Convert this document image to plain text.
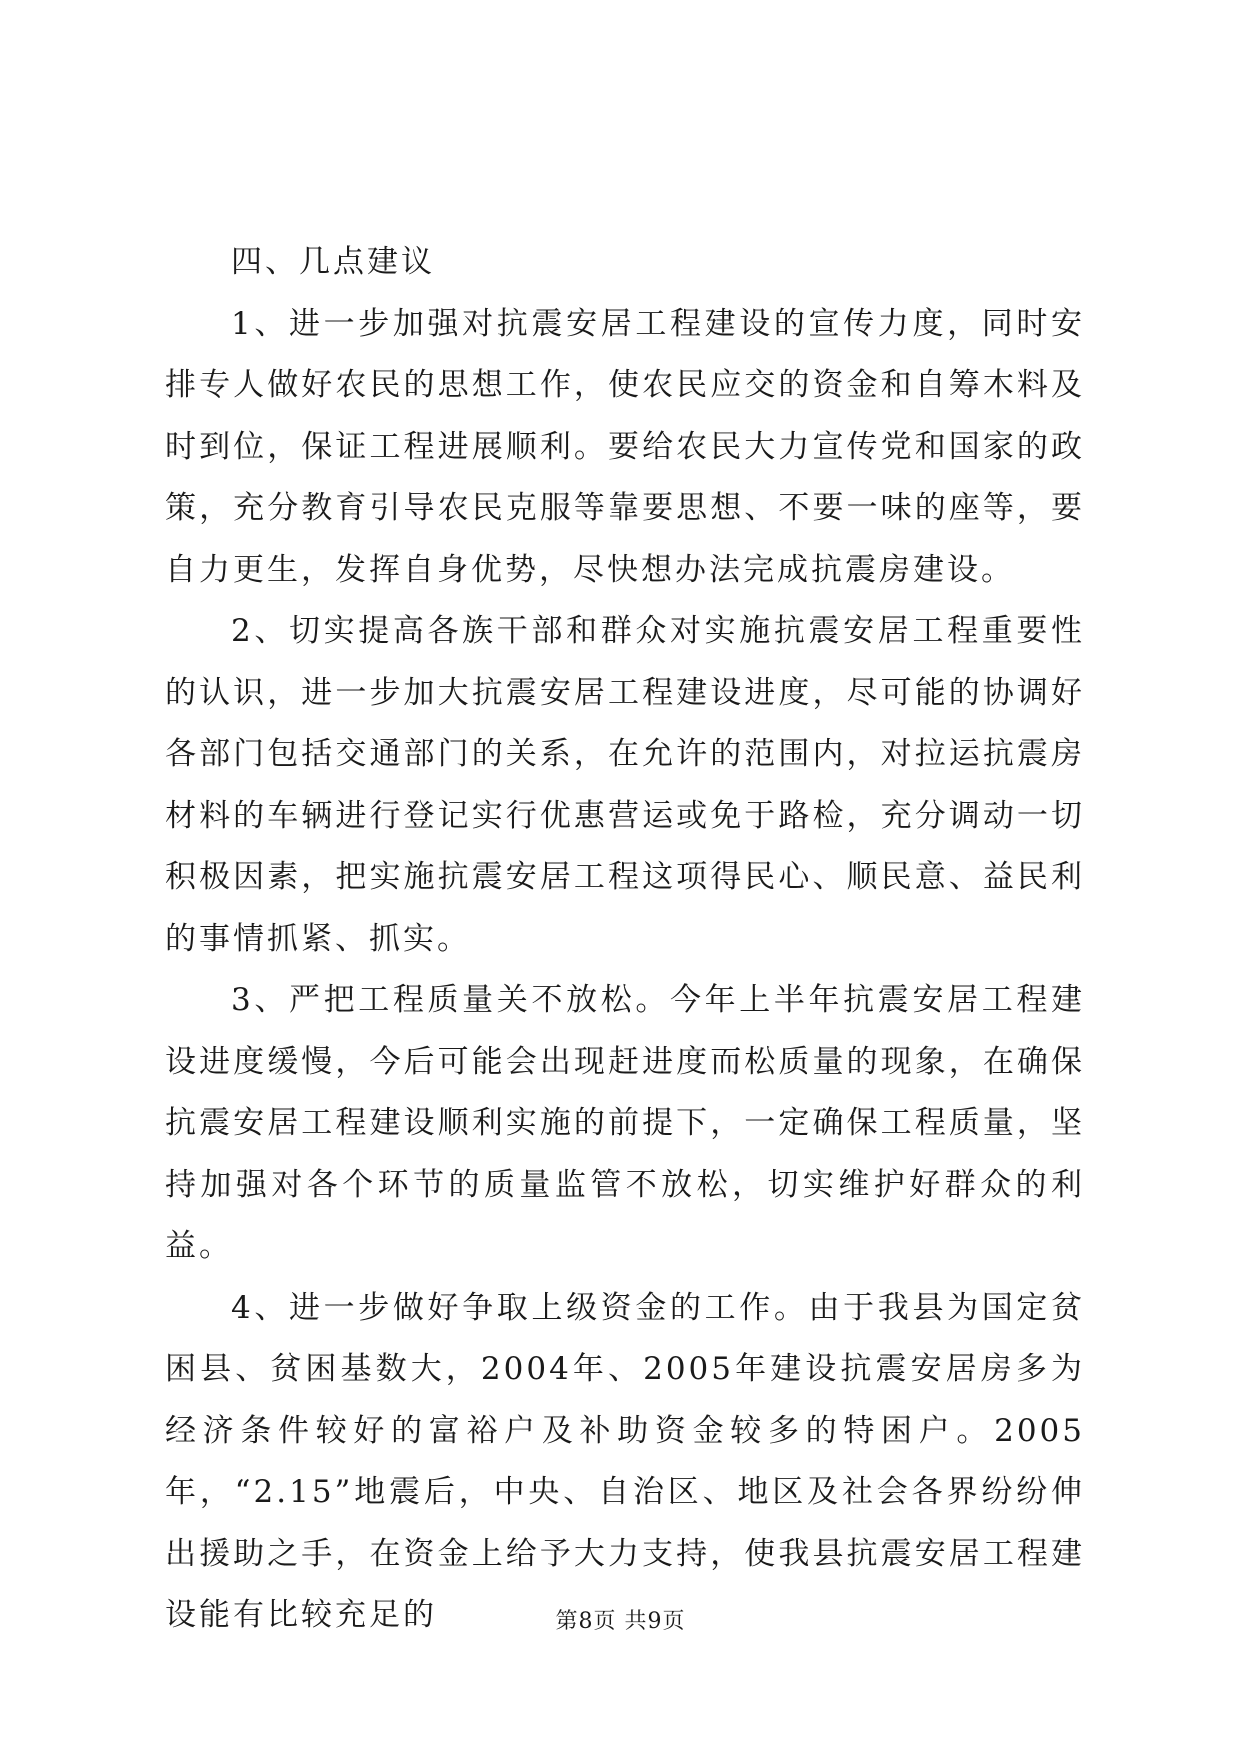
四、几点建议

1、进一步加强对抗震安居工程建设的宣传力度，同时安排专人做好农民的思想工作，使农民应交的资金和自筹木料及时到位，保证工程进展顺利。要给农民大力宣传党和国家的政策，充分教育引导农民克服等靠要思想、不要一味的座等，要自力更生，发挥自身优势，尽快想办法完成抗震房建设。

2、切实提高各族干部和群众对实施抗震安居工程重要性的认识，进一步加大抗震安居工程建设进度，尽可能的协调好各部门包括交通部门的关系，在允许的范围内，对拉运抗震房材料的车辆进行登记实行优惠营运或免于路检，充分调动一切积极因素，把实施抗震安居工程这项得民心、顺民意、益民利的事情抓紧、抓实。

3、严把工程质量关不放松。今年上半年抗震安居工程建设进度缓慢，今后可能会出现赶进度而松质量的现象，在确保抗震安居工程建设顺利实施的前提下，一定确保工程质量，坚持加强对各个环节的质量监管不放松，切实维护好群众的利益。

4、进一步做好争取上级资金的工作。由于我县为国定贫困县、贫困基数大，2004年、2005年建设抗震安居房多为经济条件较好的富裕户及补助资金较多的特困户。2005年，“2.15”地震后，中央、自治区、地区及社会各界纷纷伸出援助之手，在资金上给予大力支持，使我县抗震安居工程建设能有比较充足的	第8页 共9页
